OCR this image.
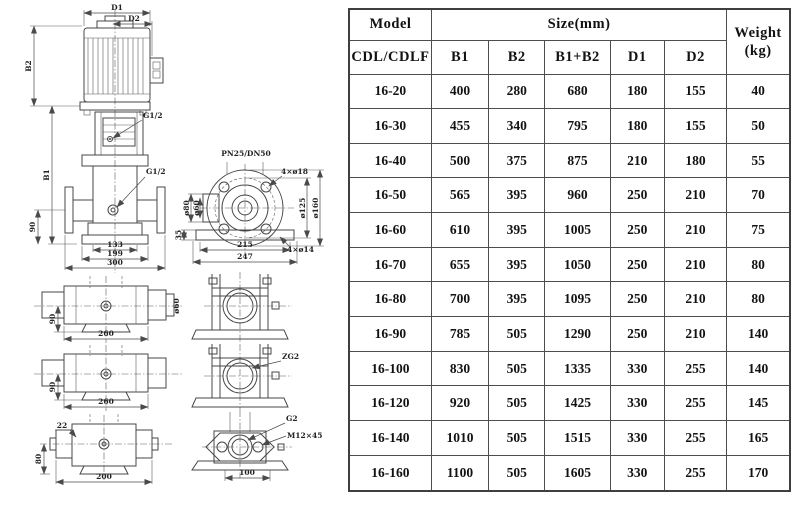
G1/2
G1/2
D1
D2
B2
B1
90
133
199
300
PN25/DN50
4×ø18
ø80 ø60	ø125 ø160
35
215
247
4×ø14
ø60
90
260
90
260
22
80
200
ZG2
G2
M12×45
100
Model	Size(mm)					Weight
(kg)
CDL/CDLF	B1	B2	B1+B2	D1	D2	
16-20	400	280	680	180	155	40
16-30	455	340	795	180	155	50
16-40	500	375	875	210	180	55
16-50	565	395	960	250	210	70
16-60	610	395	1005	250	210	75
16-70	655	395	1050	250	210	80
16-80	700	395	1095	250	210	80
16-90	785	505	1290	250	210	140
16-100	830	505	1335	330	255	140
16-120	920	505	1425	330	255	145
16-140	1010	505	1515	330	255	165
16-160	1100	505	1605	330	255	170
